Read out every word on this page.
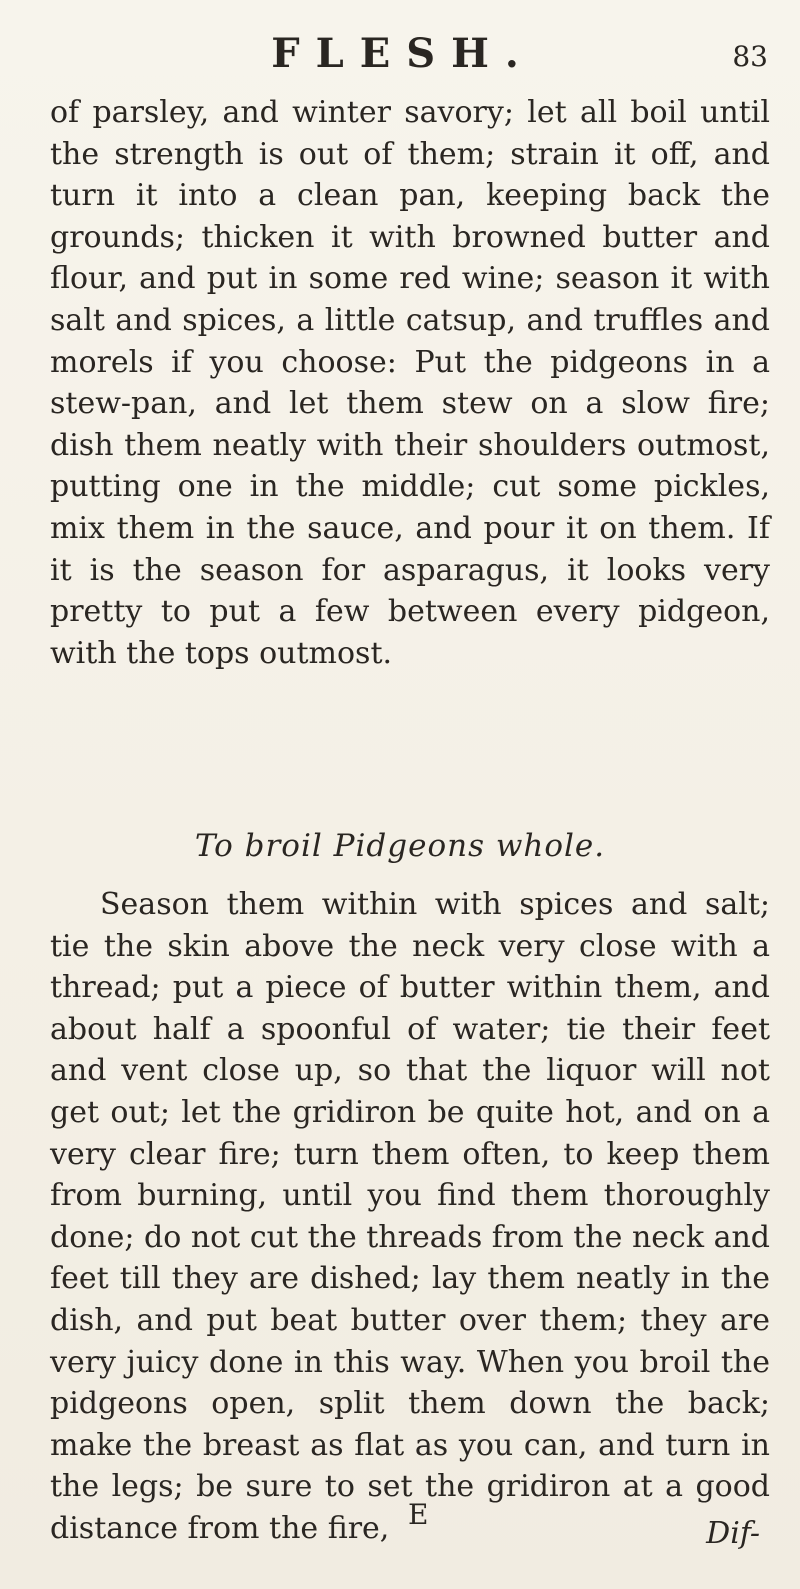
FLESH.	83

of parsley, and winter savory; let all boil until the strength is out of them; strain it off, and turn it into a clean pan, keeping back the grounds; thicken it with browned butter and flour, and put in some red wine; season it with salt and spices, a little catsup, and truffles and morels if you choose: Put the pidgeons in a stew-pan, and let them stew on a slow fire; dish them neatly with their shoulders outmost, putting one in the middle; cut some pickles, mix them in the sauce, and pour it on them. If it is the season for asparagus, it looks very pretty to put a few between every pidgeon, with the tops outmost.

To broil Pidgeons whole.

Season them within with spices and salt; tie the skin above the neck very close with a thread; put a piece of butter within them, and about half a spoonful of water; tie their feet and vent close up, so that the liquor will not get out; let the gridiron be quite hot, and on a very clear fire; turn them often, to keep them from burning, until you find them thoroughly done; do not cut the threads from the neck and feet till they are dished; lay them neatly in the dish, and put beat butter over them; they are very juicy done in this way. When you broil the pidgeons open, split them down the back; make the breast as flat as you can, and turn in the legs; be sure to set the gridiron at a good distance from the fire, E
Dif-
